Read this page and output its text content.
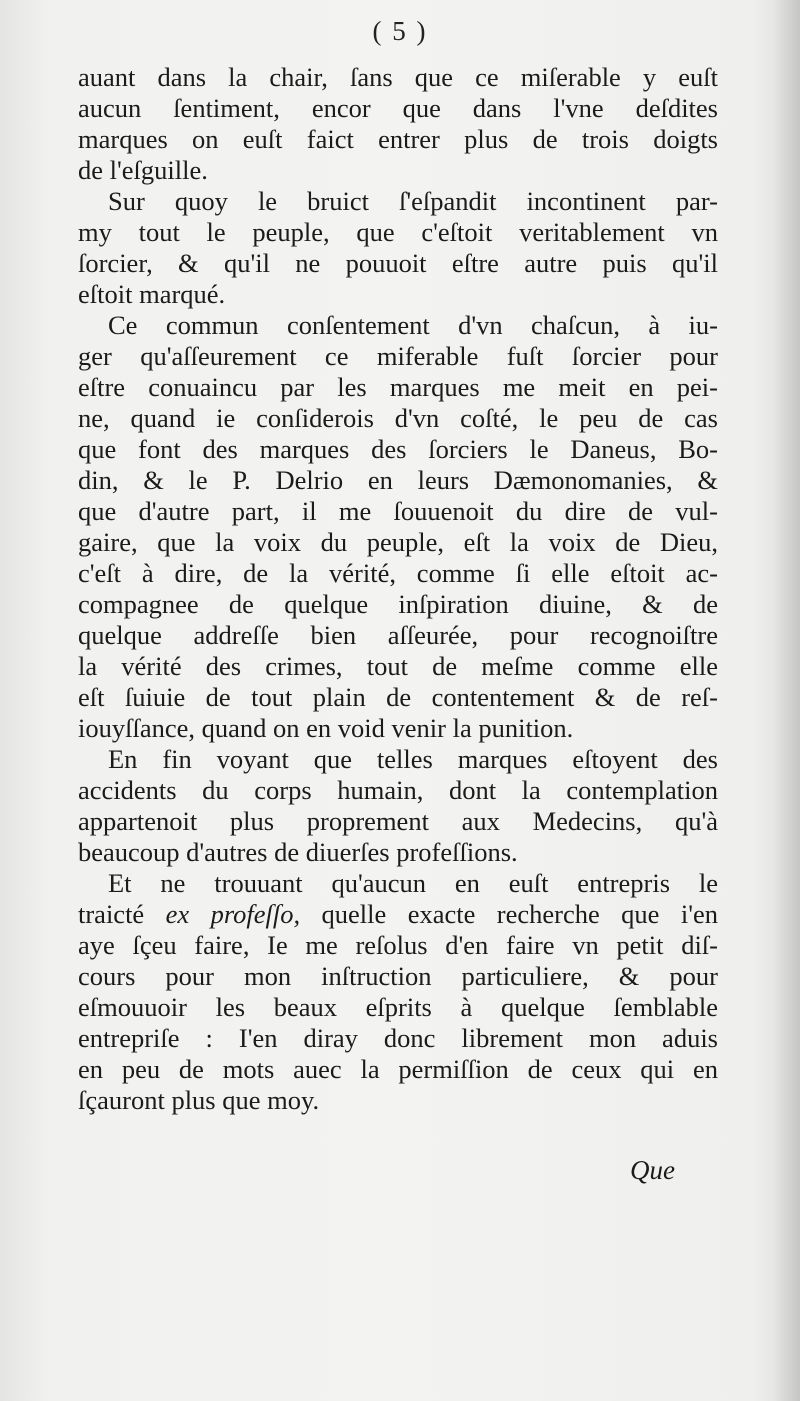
( 5 )

auant dans la chair, ſans que ce miſerable y euſt
aucun ſentiment, encor que dans l'vne deſdites
marques on euſt faict entrer plus de trois doigts
de l'eſguille.

Sur quoy le bruict ſ'eſpandit incontinent par-
my tout le peuple, que c'eſtoit veritablement vn
ſorcier, & qu'il ne pouuoit eſtre autre puis qu'il
eſtoit marqué.

Ce commun conſentement d'vn chaſcun, à iu-
ger qu'aſſeurement ce miferable fuſt ſorcier pour
eſtre conuaincu par les marques me meit en pei-
ne, quand ie conſiderois d'vn coſté, le peu de cas
que font des marques des ſorciers le Daneus, Bo-
din, & le P. Delrio en leurs Dæmonomanies, &
que d'autre part, il me ſouuenoit du dire de vul-
gaire, que la voix du peuple, eſt la voix de Dieu,
c'eſt à dire, de la vérité, comme ſi elle eſtoit ac-
compagnee de quelque inſpiration diuine, & de
quelque addreſſe bien aſſeurée, pour recognoiſtre
la vérité des crimes, tout de meſme comme elle
eſt ſuiuie de tout plain de contentement & de reſ-
iouyſſance, quand on en void venir la punition.

En fin voyant que telles marques eſtoyent des
accidents du corps humain, dont la contemplation
appartenoit plus proprement aux Medecins, qu'à
beaucoup d'autres de diuerſes profeſſions.

Et ne trouuant qu'aucun en euſt entrepris le
traicté ex profeſſo, quelle exacte recherche que i'en
aye ſçeu faire, Ie me reſolus d'en faire vn petit diſ-
cours pour mon inſtruction particuliere, & pour
eſmouuoir les beaux eſprits à quelque ſemblable
entrepriſe : I'en diray donc librement mon aduis
en peu de mots auec la permiſſion de ceux qui en
ſçauront plus que moy.

Que
